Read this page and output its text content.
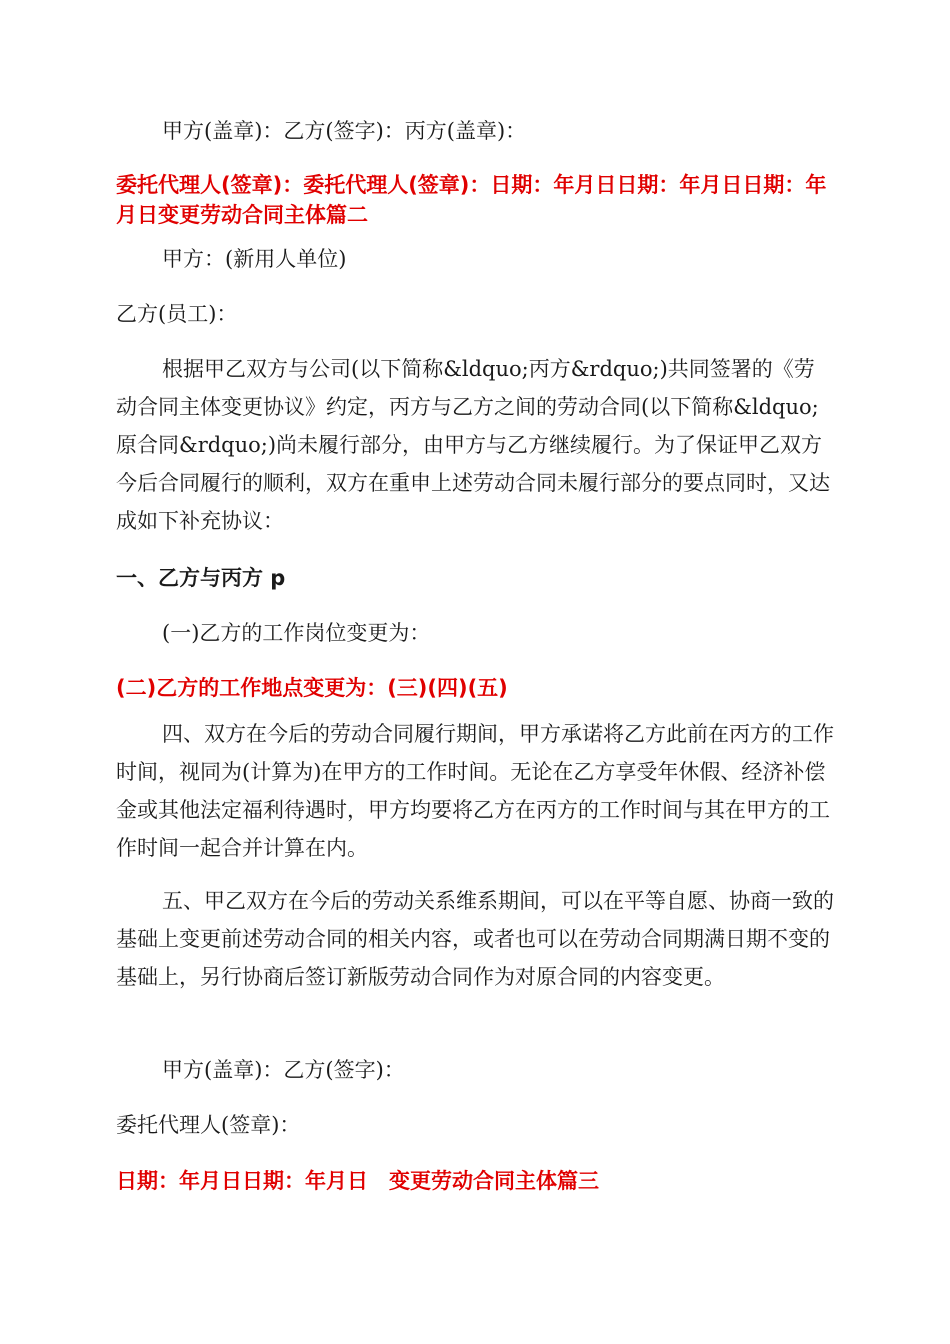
甲方(盖章)：乙方(签字)：丙方(盖章)：

委托代理人(签章)：委托代理人(签章)：日期：年月日日期：年月日日期：年月日变更劳动合同主体篇二

甲方：(新用人单位)

乙方(员工)：

根据甲乙双方与公司(以下简称&ldquo;丙方&rdquo;)共同签署的《劳动合同主体变更协议》约定，丙方与乙方之间的劳动合同(以下简称&ldquo;原合同&rdquo;)尚未履行部分，由甲方与乙方继续履行。为了保证甲乙双方今后合同履行的顺利，双方在重申上述劳动合同未履行部分的要点同时，又达成如下补充协议：

一、乙方与丙方 p

(一)乙方的工作岗位变更为：

(二)乙方的工作地点变更为：(三)(四)(五)

四、双方在今后的劳动合同履行期间，甲方承诺将乙方此前在丙方的工作时间，视同为(计算为)在甲方的工作时间。无论在乙方享受年休假、经济补偿金或其他法定福利待遇时，甲方均要将乙方在丙方的工作时间与其在甲方的工作时间一起合并计算在内。

五、甲乙双方在今后的劳动关系维系期间，可以在平等自愿、协商一致的基础上变更前述劳动合同的相关内容，或者也可以在劳动合同期满日期不变的基础上，另行协商后签订新版劳动合同作为对原合同的内容变更。

甲方(盖章)：乙方(签字)：

委托代理人(签章)：

日期：年月日日期：年月日　变更劳动合同主体篇三
